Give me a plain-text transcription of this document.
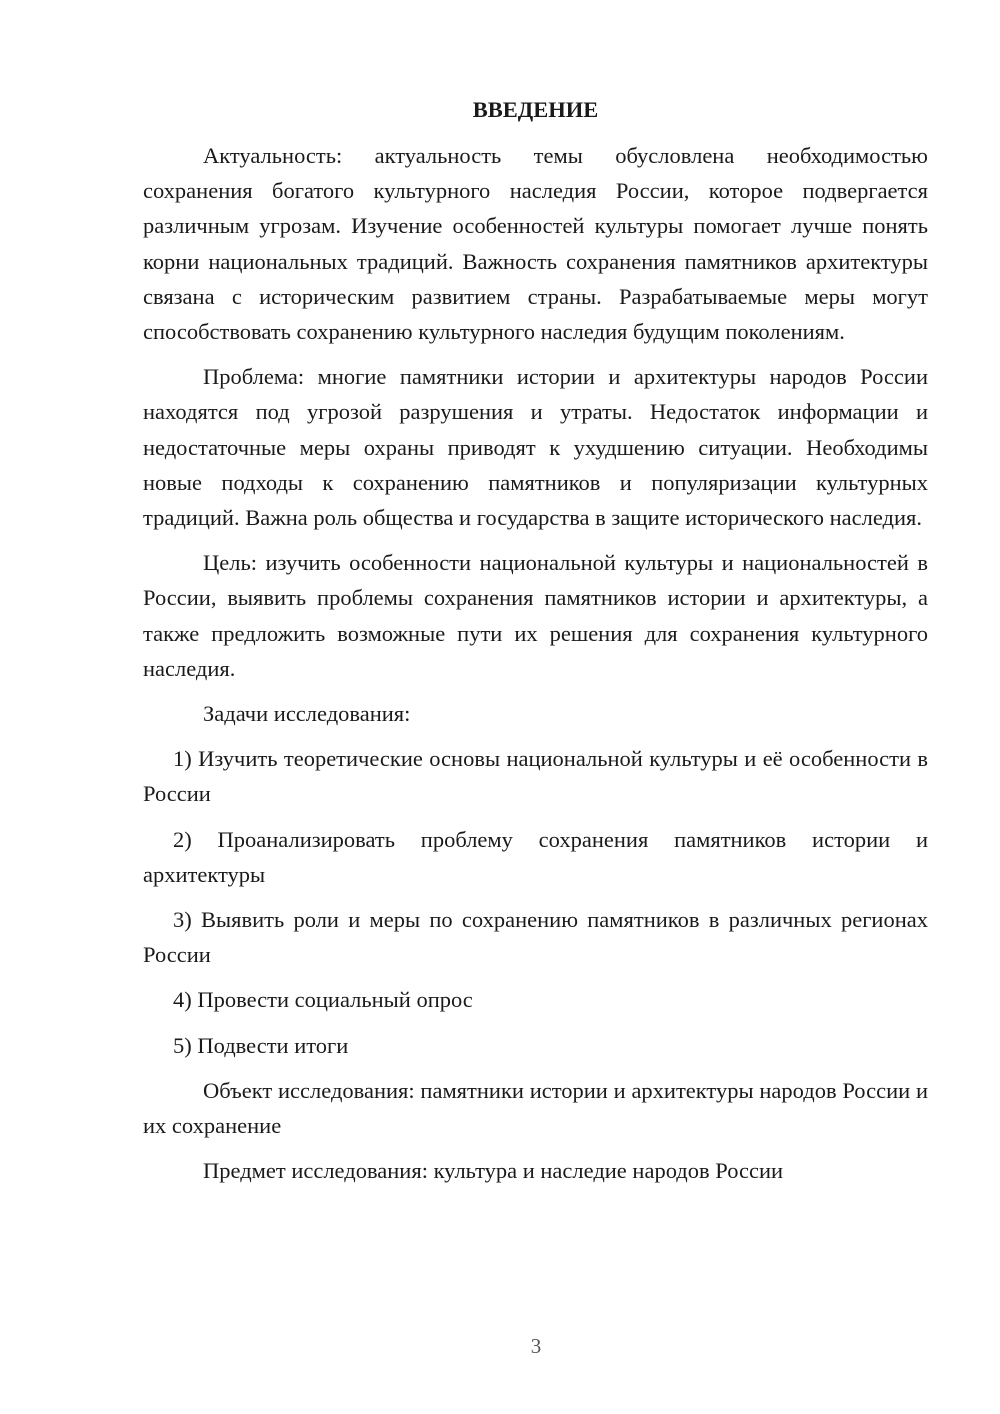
ВВЕДЕНИЕ

Актуальность: актуальность темы обусловлена необходимостью сохранения богатого культурного наследия России, которое подвергается различным угрозам. Изучение особенностей культуры помогает лучше понять корни национальных традиций. Важность сохранения памятников архитектуры связана с историческим развитием страны. Разрабатываемые меры могут способствовать сохранению культурного наследия будущим поколениям.

Проблема: многие памятники истории и архитектуры народов России находятся под угрозой разрушения и утраты. Недостаток информации и недостаточные меры охраны приводят к ухудшению ситуации. Необходимы новые подходы к сохранению памятников и популяризации культурных традиций. Важна роль общества и государства в защите исторического наследия.

Цель: изучить особенности национальной культуры и национальностей в России, выявить проблемы сохранения памятников истории и архитектуры, а также предложить возможные пути их решения для сохранения культурного наследия.

Задачи исследования:

1) Изучить теоретические основы национальной культуры и её особенности в России

2) Проанализировать проблему сохранения памятников истории и архитектуры

3) Выявить роли и меры по сохранению памятников в различных регионах России

4) Провести социальный опрос

5) Подвести итоги

Объект исследования: памятники истории и архитектуры народов России и их сохранение

Предмет исследования: культура и наследие народов России

3
